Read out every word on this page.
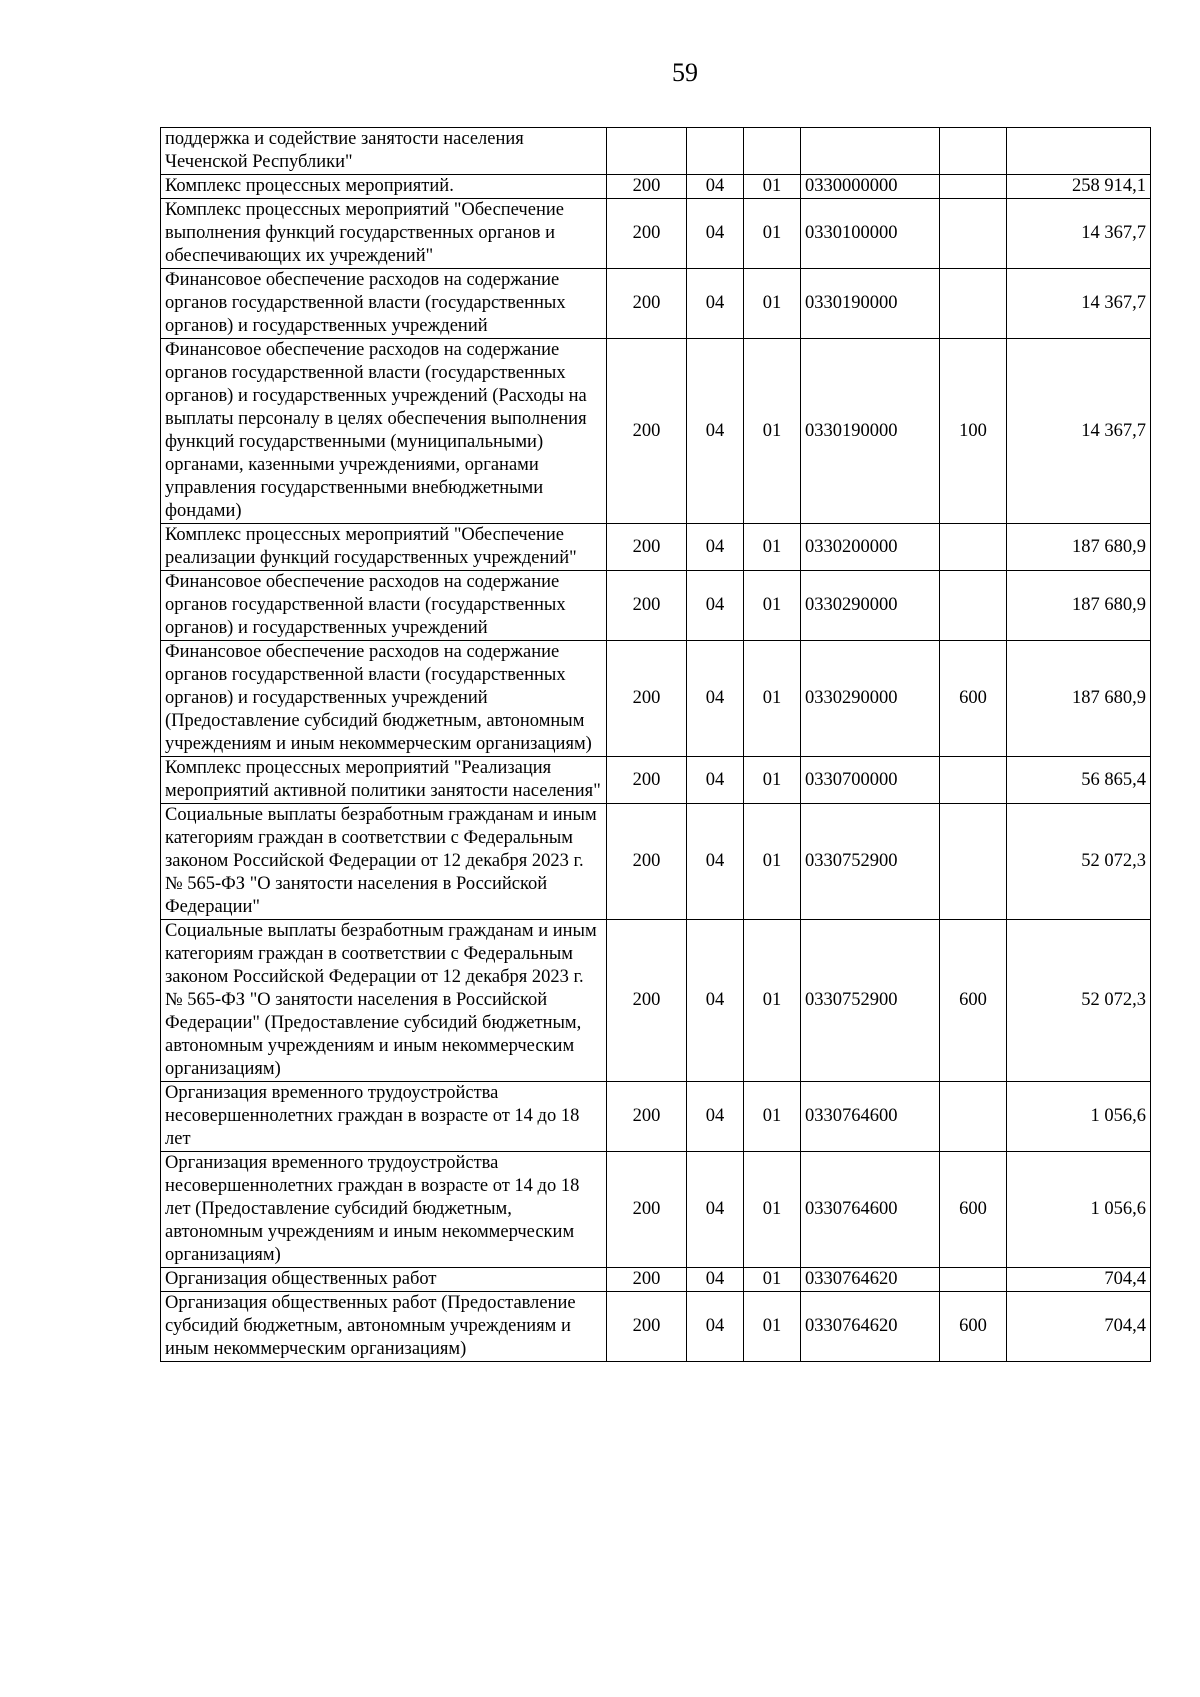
59
поддержка и содействие занятости населения Чеченской Республики"						
Комплекс процессных мероприятий.	200	04	01	0330000000		258 914,1
Комплекс процессных мероприятий "Обеспечение выполнения функций государственных органов и обеспечивающих их учреждений"	200	04	01	0330100000		14 367,7
Финансовое обеспечение расходов на содержание органов государственной власти (государственных органов) и государственных учреждений	200	04	01	0330190000		14 367,7
Финансовое обеспечение расходов на содержание органов государственной власти (государственных органов) и государственных учреждений (Расходы на выплаты персоналу в целях обеспечения выполнения функций государственными (муниципальными) органами, казенными учреждениями, органами управления государственными внебюджетными фондами)	200	04	01	0330190000	100	14 367,7
Комплекс процессных мероприятий "Обеспечение реализации функций государственных учреждений"	200	04	01	0330200000		187 680,9
Финансовое обеспечение расходов на содержание органов государственной власти (государственных органов) и государственных учреждений	200	04	01	0330290000		187 680,9
Финансовое обеспечение расходов на содержание органов государственной власти (государственных органов) и государственных учреждений (Предоставление субсидий бюджетным, автономным учреждениям и иным некоммерческим организациям)	200	04	01	0330290000	600	187 680,9
Комплекс процессных мероприятий "Реализация мероприятий активной политики занятости населения"	200	04	01	0330700000		56 865,4
Социальные выплаты безработным гражданам и иным категориям граждан в соответствии с Федеральным законом Российской Федерации от 12 декабря 2023 г. № 565-ФЗ "О занятости населения в Российской Федерации"	200	04	01	0330752900		52 072,3
Социальные выплаты безработным гражданам и иным категориям граждан в соответствии с Федеральным законом Российской Федерации от 12 декабря 2023 г. № 565-ФЗ "О занятости населения в Российской Федерации" (Предоставление субсидий бюджетным, автономным учреждениям и иным некоммерческим организациям)	200	04	01	0330752900	600	52 072,3
Организация временного трудоустройства несовершеннолетних граждан в возрасте от 14 до 18 лет	200	04	01	0330764600		1 056,6
Организация временного трудоустройства несовершеннолетних граждан в возрасте от 14 до 18 лет (Предоставление субсидий бюджетным, автономным учреждениям и иным некоммерческим организациям)	200	04	01	0330764600	600	1 056,6
Организация общественных работ	200	04	01	0330764620		704,4
Организация общественных работ (Предоставление субсидий бюджетным, автономным учреждениям и иным некоммерческим организациям)	200	04	01	0330764620	600	704,4
